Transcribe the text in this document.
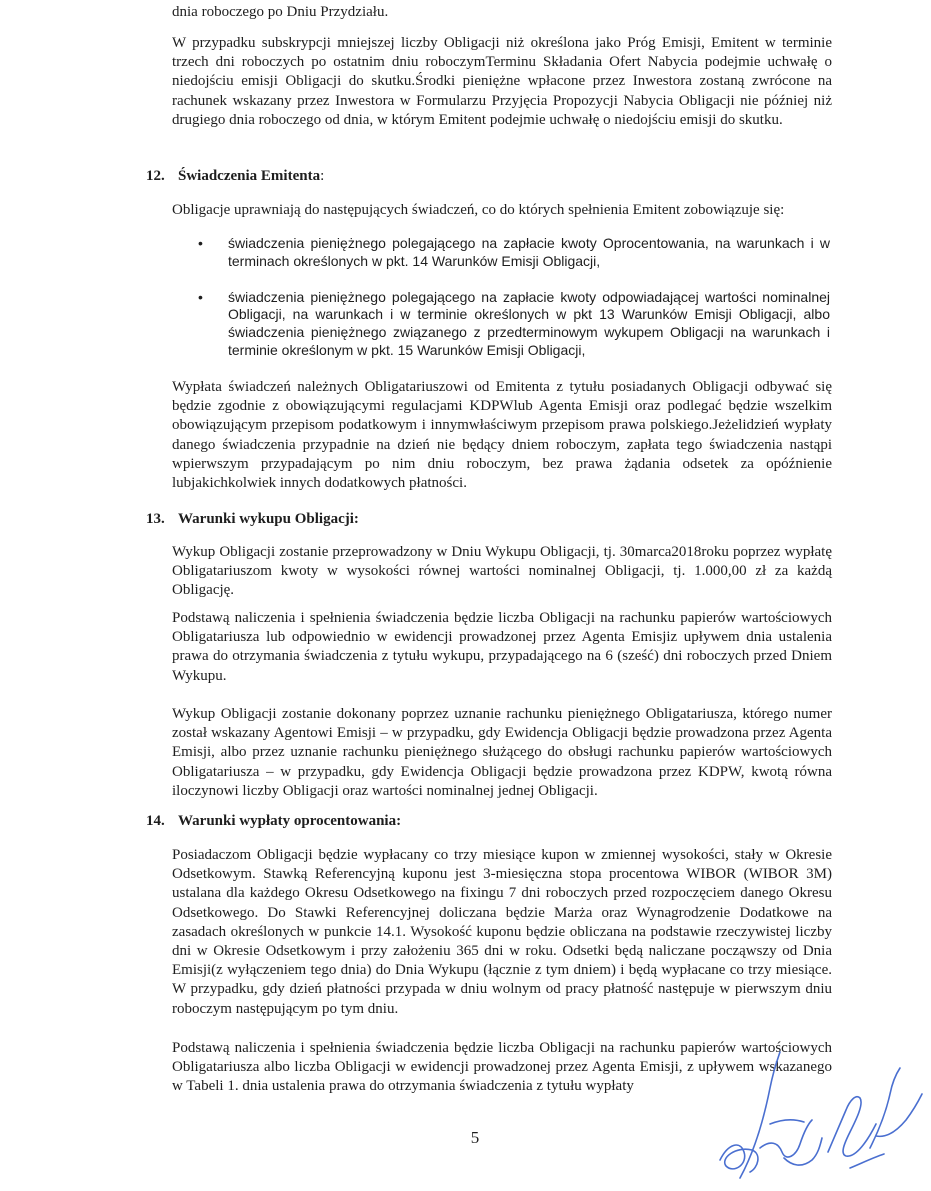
dnia roboczego po Dniu Przydziału.

W przypadku subskrypcji mniejszej liczby Obligacji niż określona jako Próg Emisji, Emitent w terminie trzech dni roboczych po ostatnim dniu roboczymTerminu Składania Ofert Nabycia podejmie uchwałę o niedojściu emisji Obligacji do skutku.Środki pieniężne wpłacone przez Inwestora zostaną zwrócone na rachunek wskazany przez Inwestora w Formularzu Przyjęcia Propozycji Nabycia Obligacji nie później niż drugiego dnia roboczego od dnia, w którym Emitent podejmie uchwałę o niedojściu emisji do skutku.

12. Świadczenia Emitenta:

Obligacje uprawniają do następujących świadczeń, co do których spełnienia Emitent zobowiązuje się:

• świadczenia pieniężnego polegającego na zapłacie kwoty Oprocentowania, na warunkach i w terminach określonych w pkt. 14 Warunków Emisji Obligacji,
• świadczenia pieniężnego polegającego na zapłacie kwoty odpowiadającej wartości nominalnej Obligacji, na warunkach i w terminie określonych w pkt 13 Warunków Emisji Obligacji, albo świadczenia pieniężnego związanego z przedterminowym wykupem Obligacji na warunkach i terminie określonym w pkt. 15 Warunków Emisji Obligacji,

Wypłata świadczeń należnych Obligatariuszowi od Emitenta z tytułu posiadanych Obligacji odbywać się będzie zgodnie z obowiązującymi regulacjami KDPWlub Agenta Emisji oraz podlegać będzie wszelkim obowiązującym przepisom podatkowym i innymwłaściwym przepisom prawa polskiego.Jeżelidzień wypłaty danego świadczenia przypadnie na dzień nie będący dniem roboczym, zapłata tego świadczenia nastąpi wpierwszym przypadającym po nim dniu roboczym, bez prawa żądania odsetek za opóźnienie lubjakichkolwiek innych dodatkowych płatności.

13. Warunki wykupu Obligacji:

Wykup Obligacji zostanie przeprowadzony w Dniu Wykupu Obligacji, tj. 30marca2018roku poprzez wypłatę Obligatariuszom kwoty w wysokości równej wartości nominalnej Obligacji, tj. 1.000,00 zł za każdą Obligację.

Podstawą naliczenia i spełnienia świadczenia będzie liczba Obligacji na rachunku papierów wartościowych Obligatariusza lub odpowiednio w ewidencji prowadzonej przez Agenta Emisjiz upływem dnia ustalenia prawa do otrzymania świadczenia z tytułu wykupu, przypadającego na 6 (sześć) dni roboczych przed Dniem Wykupu.

Wykup Obligacji zostanie dokonany poprzez uznanie rachunku pieniężnego Obligatariusza, którego numer został wskazany Agentowi Emisji – w przypadku, gdy Ewidencja Obligacji będzie prowadzona przez Agenta Emisji, albo przez uznanie rachunku pieniężnego służącego do obsługi rachunku papierów wartościowych Obligatariusza – w przypadku, gdy Ewidencja Obligacji będzie prowadzona przez KDPW, kwotą równa iloczynowi liczby Obligacji oraz wartości nominalnej jednej Obligacji.

14. Warunki wypłaty oprocentowania:

Posiadaczom Obligacji będzie wypłacany co trzy miesiące kupon w zmiennej wysokości, stały w Okresie Odsetkowym. Stawką Referencyjną kuponu jest 3-miesięczna stopa procentowa WIBOR (WIBOR 3M) ustalana dla każdego Okresu Odsetkowego na fixingu 7 dni roboczych przed rozpoczęciem danego Okresu Odsetkowego. Do Stawki Referencyjnej doliczana będzie Marża oraz Wynagrodzenie Dodatkowe na zasadach określonych w punkcie 14.1. Wysokość kuponu będzie obliczana na podstawie rzeczywistej liczby dni w Okresie Odsetkowym i przy założeniu 365 dni w roku. Odsetki będą naliczane począwszy od Dnia Emisji(z wyłączeniem tego dnia) do Dnia Wykupu (łącznie z tym dniem) i będą wypłacane co trzy miesiące. W przypadku, gdy dzień płatności przypada w dniu wolnym od pracy płatność następuje w pierwszym dniu roboczym następującym po tym dniu.

Podstawą naliczenia i spełnienia świadczenia będzie liczba Obligacji na rachunku papierów wartościowych Obligatariusza albo liczba Obligacji w ewidencji prowadzonej przez Agenta Emisji, z upływem wskazanego w Tabeli 1. dnia ustalenia prawa do otrzymania świadczenia z tytułu wypłaty

5
